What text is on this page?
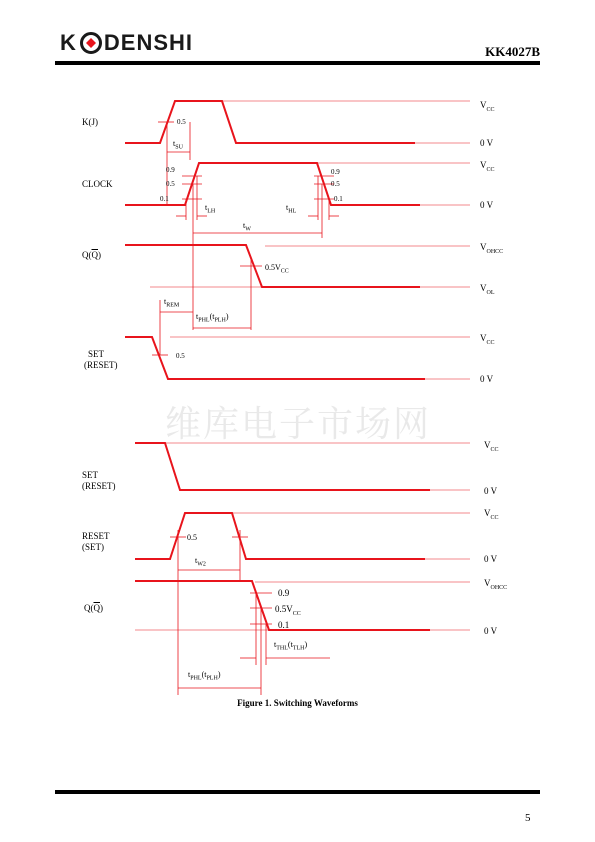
K DENSHI	KK4027B
维库电子市场网
K(J)
CLOCK
$Q(\overline{Q})$
SET
(RESET)
SET
(RESET)
RESET
(SET)
$Q(\overline{Q})$
$V_{CC}$
0 V
$V_{CC}$
0 V
$V_{OHCC}$
$V_{OL}$
$V_{CC}$
0 V
$V_{CC}$
0 V
$V_{CC}$
0 V
$V_{OHCC}$
0 V
0.5
0.9
0.5
0.1
0.9
0.5
0.1
$0.5V_{CC}$
0.5
0.5
0.9
$0.5V_{CC}$
0.1
$t_{SU}$
$t_{LH}$	$t_{HL}$
$t_W$
$t_{REM}$
$t_{PHL}(t_{PLH})$
$t_{W2}$
$t_{THL}(t_{TLH})$
$t_{PHL}(t_{PLH})$
Figure 1. Switching Waveforms
5
